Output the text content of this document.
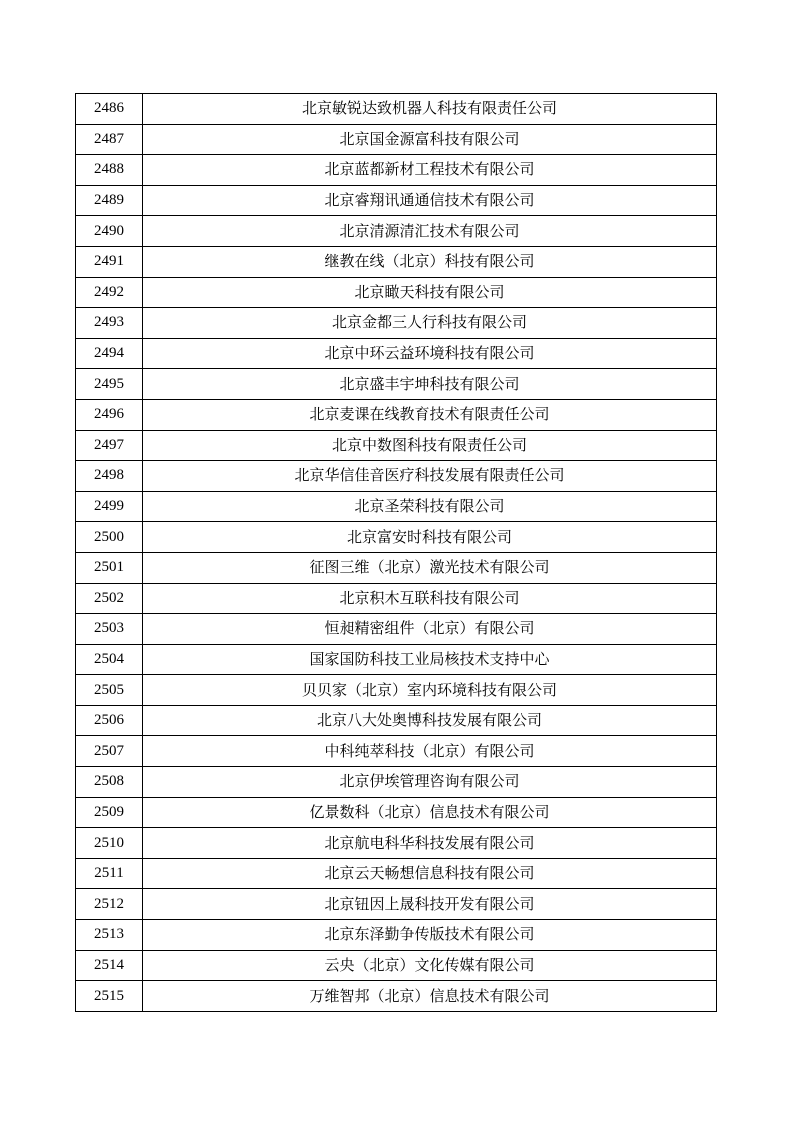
2486	北京敏锐达致机器人科技有限责任公司
2487	北京国金源富科技有限公司
2488	北京蓝都新材工程技术有限公司
2489	北京睿翔讯通通信技术有限公司
2490	北京清源清汇技术有限公司
2491	继教在线（北京）科技有限公司
2492	北京瞰天科技有限公司
2493	北京金都三人行科技有限公司
2494	北京中环云益环境科技有限公司
2495	北京盛丰宇坤科技有限公司
2496	北京麦课在线教育技术有限责任公司
2497	北京中数图科技有限责任公司
2498	北京华信佳音医疗科技发展有限责任公司
2499	北京圣荣科技有限公司
2500	北京富安时科技有限公司
2501	征图三维（北京）激光技术有限公司
2502	北京积木互联科技有限公司
2503	恒昶精密组件（北京）有限公司
2504	国家国防科技工业局核技术支持中心
2505	贝贝家（北京）室内环境科技有限公司
2506	北京八大处奥博科技发展有限公司
2507	中科纯萃科技（北京）有限公司
2508	北京伊埃管理咨询有限公司
2509	亿景数科（北京）信息技术有限公司
2510	北京航电科华科技发展有限公司
2511	北京云天畅想信息科技有限公司
2512	北京钮因上晟科技开发有限公司
2513	北京东泽勤争传版技术有限公司
2514	云央（北京）文化传媒有限公司
2515	万维智邦（北京）信息技术有限公司
